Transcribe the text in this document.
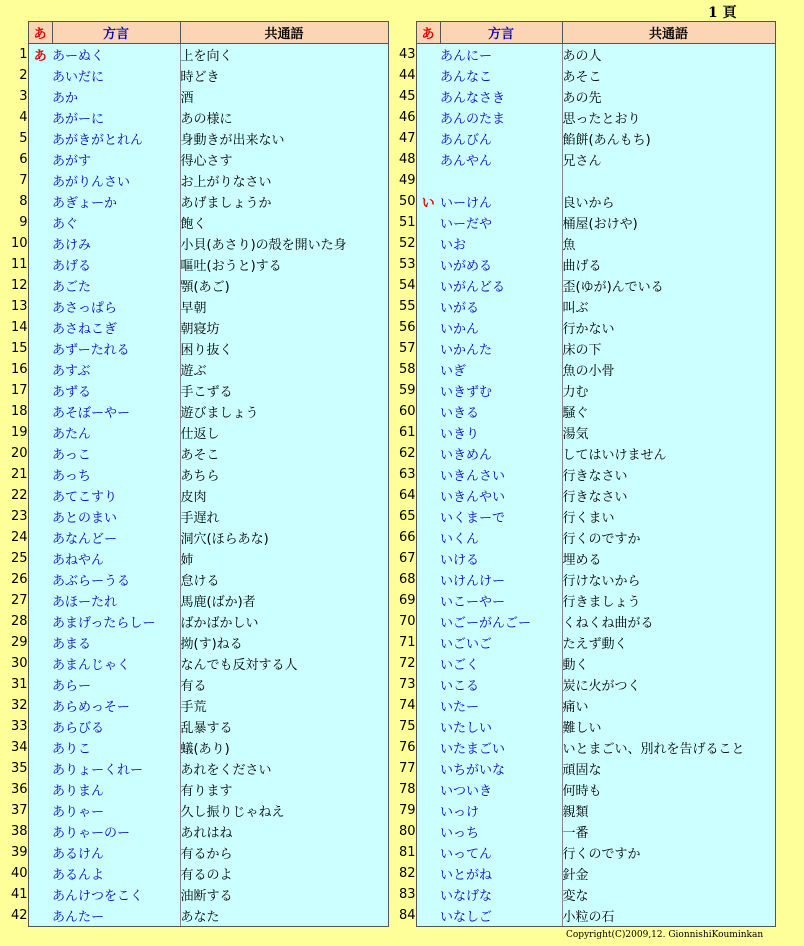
1 頁
	あ	方言	共通語
1	あ	あーぬく	上を向く
2		あいだに	時どき
3		あか	酒
4		あがーに	あの様に
5		あがきがとれん	身動きが出来ない
6		あがす	得心さす
7		あがりんさい	お上がりなさい
8		あぎょーか	あげましょうか
9		あぐ	飽く
10		あけみ	小貝(あさり)の殻を開いた身
11		あげる	嘔吐(おうと)する
12		あごた	顎(あご)
13		あさっぱら	早朝
14		あさねこぎ	朝寝坊
15		あずーたれる	困り抜く
16		あすぶ	遊ぶ
17		あずる	手こずる
18		あそぼーやー	遊びましょう
19		あたん	仕返し
20		あっこ	あそこ
21		あっち	あちら
22		あてこすり	皮肉
23		あとのまい	手遅れ
24		あなんどー	洞穴(ほらあな)
25		あねやん	姉
26		あぶらーうる	怠ける
27		あほーたれ	馬鹿(ばか)者
28		あまげったらしー	ばかばかしい
29		あまる	拗(す)ねる
30		あまんじゃく	なんでも反対する人
31		あらー	有る
32		あらめっそー	手荒
33		あらびる	乱暴する
34		ありこ	蟻(あり)
35		ありょーくれー	あれをください
36		ありまん	有ります
37		ありゃー	久し振りじゃねえ
38		ありゃーのー	あれはね
39		あるけん	有るから
40		あるんよ	有るのよ
41		あんけつをこく	油断する
42		あんたー	あなた
	あ	方言	共通語
43		あんにー	あの人
44		あんなこ	あそこ
45		あんなさき	あの先
46		あんのたま	思ったとおり
47		あんびん	餡餅(あんもち)
48		あんやん	兄さん
49			
50	い	いーけん	良いから
51		いーだや	桶屋(おけや)
52		いお	魚
53		いがめる	曲げる
54		いがんどる	歪(ゆが)んでいる
55		いがる	叫ぶ
56		いかん	行かない
57		いかんた	床の下
58		いぎ	魚の小骨
59		いきずむ	力む
60		いきる	騒ぐ
61		いきり	湯気
62		いきめん	してはいけません
63		いきんさい	行きなさい
64		いきんやい	行きなさい
65		いくまーで	行くまい
66		いくん	行くのですか
67		いける	埋める
68		いけんけー	行けないから
69		いこーやー	行きましょう
70		いごーがんごー	くねくね曲がる
71		いごいご	たえず動く
72		いごく	動く
73		いこる	炭に火がつく
74		いたー	痛い
75		いたしい	難しい
76		いたまごい	いとまごい、別れを告げること
77		いちがいな	頑固な
78		いついき	何時も
79		いっけ	親類
80		いっち	一番
81		いってん	行くのですか
82		いとがね	針金
83		いなげな	変な
84		いなしご	小粒の石
Copyright(C)2009,12. GionnishiKouminkan
